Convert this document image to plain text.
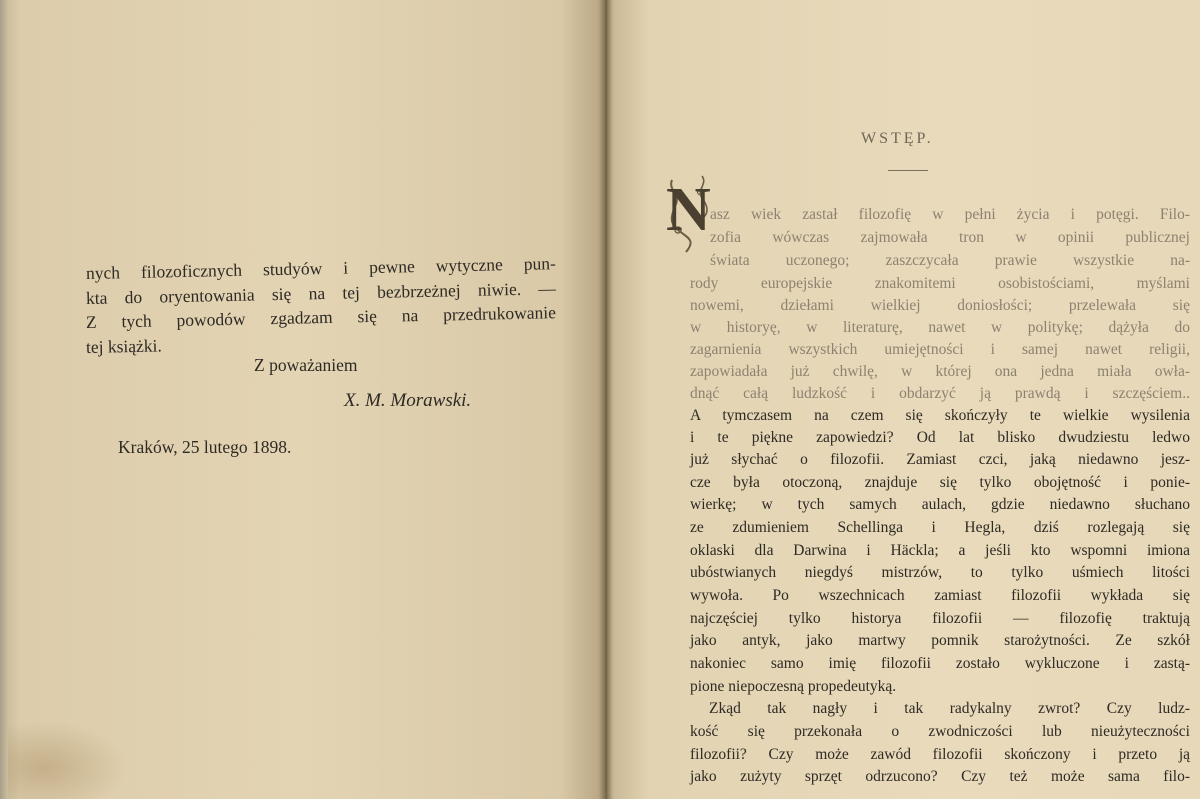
nych filozoficznych studyów i pewne wytyczne pun-
kta do oryentowania się na tej bezbrzeżnej niwie. —
Z tych powodów zgadzam się na przedrukowanie
tej książki.
Z poważaniem
X. M. Morawski.
Kraków, 25 lutego 1898.
WSTĘP.
N asz wiek zastał filozofię w pełni życia i potęgi. Filo-
zofia wówczas zajmowała tron w opinii publicznej
świata uczonego; zaszczycała prawie wszystkie na-
rody europejskie znakomitemi osobistościami, myślami
nowemi, dziełami wielkiej doniosłości; przelewała się
w historyę, w literaturę, nawet w politykę; dążyła do
zagarnienia wszystkich umiejętności i samej nawet religii,
zapowiadała już chwilę, w której ona jedna miała owła-
dnąć całą ludzkość i obdarzyć ją prawdą i szczęściem..
A tymczasem na czem się skończyły te wielkie wysilenia
i te piękne zapowiedzi? Od lat blisko dwudziestu ledwo
już słychać o filozofii. Zamiast czci, jaką niedawno jesz-
cze była otoczoną, znajduje się tylko obojętność i ponie-
wierkę; w tych samych aulach, gdzie niedawno słuchano
ze zdumieniem Schellinga i Hegla, dziś rozlegają się
oklaski dla Darwina i Häckla; a jeśli kto wspomni imiona
ubóstwianych niegdyś mistrzów, to tylko uśmiech litości
wywoła. Po wszechnicach zamiast filozofii wykłada się
najczęściej tylko historya filozofii — filozofię traktują
jako antyk, jako martwy pomnik starożytności. Ze szkół
nakoniec samo imię filozofii zostało wykluczone i zastą-
pione niepoczesną propedeutyką.
Zkąd tak nagły i tak radykalny zwrot? Czy ludz-
kość się przekonała o zwodniczości lub nieużyteczności
filozofii? Czy może zawód filozofii skończony i przeto ją
jako zużyty sprzęt odrzucono? Czy też może sama filo-
